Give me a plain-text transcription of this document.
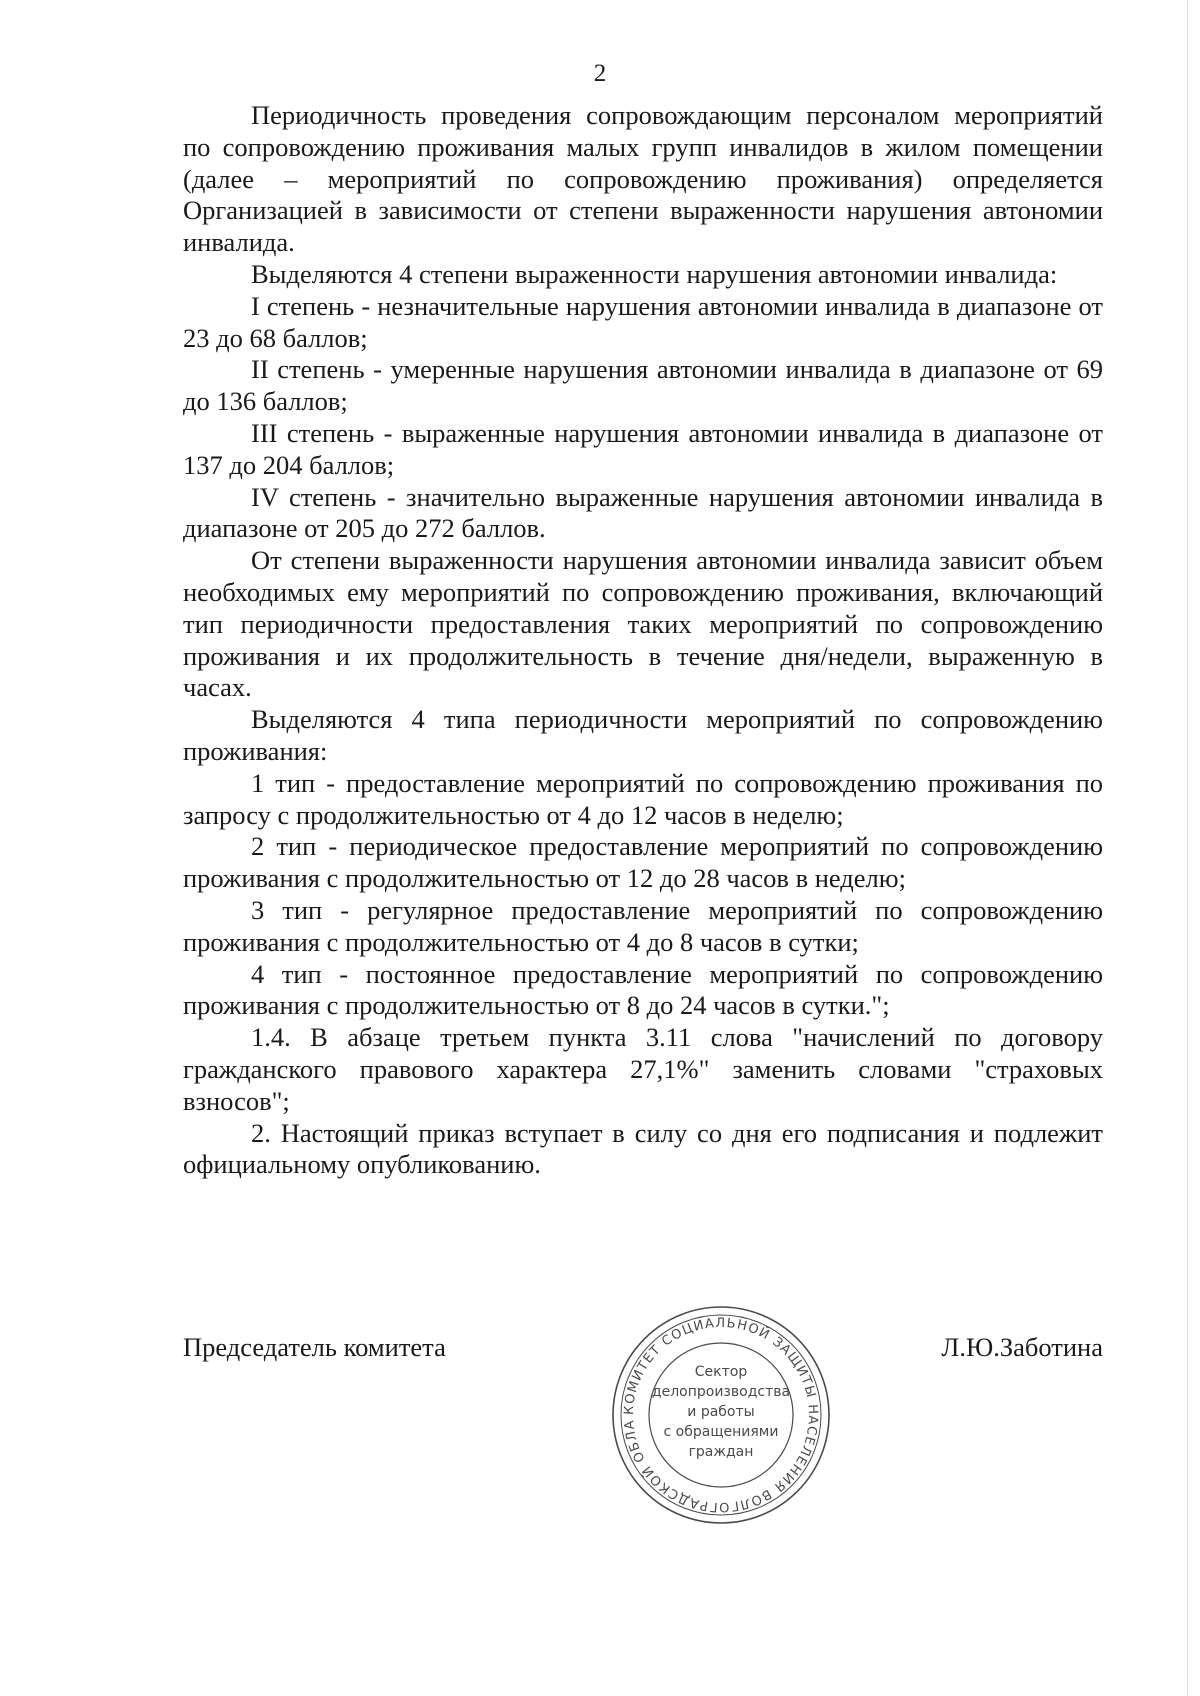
2

Периодичность проведения сопровождающим персоналом мероприятий по сопровождению проживания малых групп инвалидов в жилом помещении (далее – мероприятий по сопровождению проживания) определяется Организацией в зависимости от степени выраженности нарушения автономии инвалида.

Выделяются 4 степени выраженности нарушения автономии инвалида:

I степень - незначительные нарушения автономии инвалида в диапазоне от 23 до 68 баллов;

II степень - умеренные нарушения автономии инвалида в диапазоне от 69 до 136 баллов;

III степень - выраженные нарушения автономии инвалида в диапазоне от 137 до 204 баллов;

IV степень - значительно выраженные нарушения автономии инвалида в диапазоне от 205 до 272 баллов.

От степени выраженности нарушения автономии инвалида зависит объем необходимых ему мероприятий по сопровождению проживания, включающий тип периодичности предоставления таких мероприятий по сопровождению проживания и их продолжительность в течение дня/недели, выраженную в часах.

Выделяются 4 типа периодичности мероприятий по сопровождению проживания:

1 тип - предоставление мероприятий по сопровождению проживания по запросу с продолжительностью от 4 до 12 часов в неделю;

2 тип - периодическое предоставление мероприятий по сопровождению проживания с продолжительностью от 12 до 28 часов в неделю;

3 тип - регулярное предоставление мероприятий по сопровождению проживания с продолжительностью от 4 до 8 часов в сутки;

4 тип - постоянное предоставление мероприятий по сопровождению проживания с продолжительностью от 8 до 24 часов в сутки.";

1.4. В абзаце третьем пункта 3.11 слова "начислений по договору гражданского правового характера 27,1%" заменить словами "страховых взносов";

2. Настоящий приказ вступает в силу со дня его подписания и подлежит официальному опубликованию.

КОМИТЕТ СОЦИАЛЬНОЙ ЗАЩИТЫ НАСЕЛЕНИЯ ВОЛГОГРАДСКОЙ ОБЛА
Сектор
делопроизводства
и работы
с обращениями
граждан
Председатель комитета	Л.Ю.Заботина
